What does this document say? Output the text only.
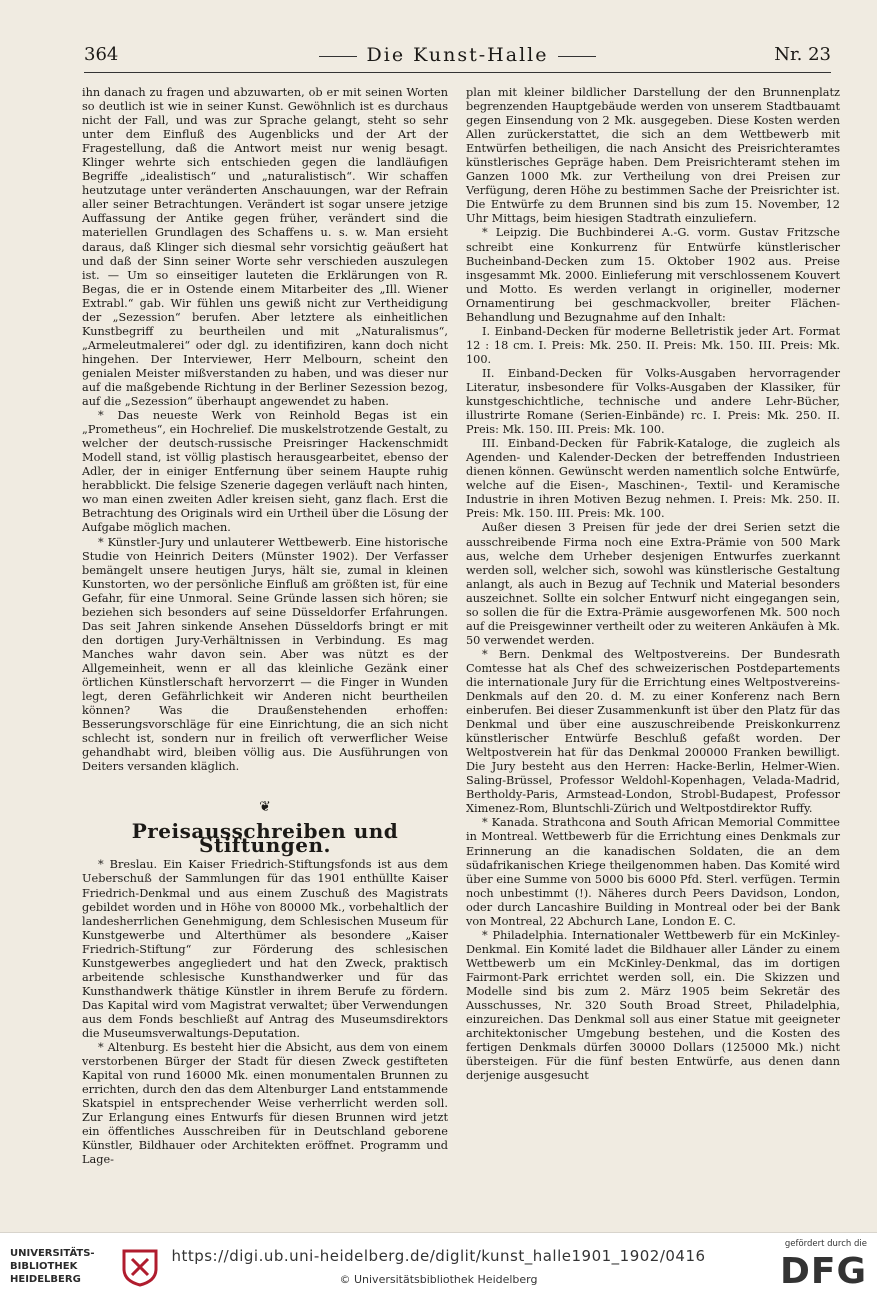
364	Die Kunst-Halle	Nr. 23

ihn danach zu fragen und abzuwarten, ob er mit seinen Worten so deutlich ist wie in seiner Kunst. Gewöhnlich ist es durchaus nicht der Fall, und was zur Sprache gelangt, steht so sehr unter dem Einfluß des Augenblicks und der Art der Fragestellung, daß die Antwort meist nur wenig besagt. Klinger wehrte sich entschieden gegen die landläufigen Begriffe „idealistisch“ und „naturalistisch“. Wir schaffen heutzutage unter veränderten Anschauungen, war der Refrain aller seiner Betrachtungen. Verändert ist sogar unsere jetzige Auffassung der Antike gegen früher, verändert sind die materiellen Grundlagen des Schaffens u. s. w. Man ersieht daraus, daß Klinger sich diesmal sehr vorsichtig geäußert hat und daß der Sinn seiner Worte sehr verschieden auszulegen ist. — Um so einseitiger lauteten die Erklärungen von R. Begas, die er in Ostende einem Mitarbeiter des „Ill. Wiener Extrabl.“ gab. Wir fühlen uns gewiß nicht zur Vertheidigung der „Sezession“ berufen. Aber letztere als einheitlichen Kunstbegriff zu beurtheilen und mit „Naturalismus“, „Armeleutmalerei“ oder dgl. zu identifiziren, kann doch nicht hingehen. Der Interviewer, Herr Melbourn, scheint den genialen Meister mißverstanden zu haben, und was dieser nur auf die maßgebende Richtung in der Berliner Sezession bezog, auf die „Sezession“ überhaupt angewendet zu haben.

* Das neueste Werk von Reinhold Begas ist ein „Prometheus“, ein Hochrelief. Die muskelstrotzende Gestalt, zu welcher der deutsch-russische Preisringer Hackenschmidt Modell stand, ist völlig plastisch herausgearbeitet, ebenso der Adler, der in einiger Entfernung über seinem Haupte ruhig herabblickt. Die felsige Szenerie dagegen verläuft nach hinten, wo man einen zweiten Adler kreisen sieht, ganz flach. Erst die Betrachtung des Originals wird ein Urtheil über die Lösung der Aufgabe möglich machen.

* Künstler-Jury und unlauterer Wettbewerb. Eine historische Studie von Heinrich Deiters (Münster 1902). Der Verfasser bemängelt unsere heutigen Jurys, hält sie, zumal in kleinen Kunstorten, wo der persönliche Einfluß am größten ist, für eine Gefahr, für eine Unmoral. Seine Gründe lassen sich hören; sie beziehen sich besonders auf seine Düsseldorfer Erfahrungen. Das seit Jahren sinkende Ansehen Düsseldorfs bringt er mit den dortigen Jury-Verhältnissen in Verbindung. Es mag Manches wahr davon sein. Aber was nützt es der Allgemeinheit, wenn er all das kleinliche Gezänk einer örtlichen Künstlerschaft hervorzerrt — die Finger in Wunden legt, deren Gefährlichkeit wir Anderen nicht beurtheilen können? Was die Draußenstehenden erhoffen: Besserungsvorschläge für eine Einrichtung, die an sich nicht schlecht ist, sondern nur in freilich oft verwerflicher Weise gehandhabt wird, bleiben völlig aus. Die Ausführungen von Deiters versanden kläglich.

❦
Preisausschreiben und Stiftungen.

* Breslau. Ein Kaiser Friedrich-Stiftungsfonds ist aus dem Ueberschuß der Sammlungen für das 1901 enthüllte Kaiser Friedrich-Denkmal und aus einem Zuschuß des Magistrats gebildet worden und in Höhe von 80000 Mk., vorbehaltlich der landesherrlichen Genehmigung, dem Schlesischen Museum für Kunstgewerbe und Alterthümer als besondere „Kaiser Friedrich-Stiftung“ zur Förderung des schlesischen Kunstgewerbes angegliedert und hat den Zweck, praktisch arbeitende schlesische Kunsthandwerker und für das Kunsthandwerk thätige Künstler in ihrem Berufe zu fördern. Das Kapital wird vom Magistrat verwaltet; über Verwendungen aus dem Fonds beschließt auf Antrag des Museumsdirektors die Museumsverwaltungs-Deputation.

* Altenburg. Es besteht hier die Absicht, aus dem von einem verstorbenen Bürger der Stadt für diesen Zweck gestifteten Kapital von rund 16000 Mk. einen monumentalen Brunnen zu errichten, durch den das dem Altenburger Land entstammende Skatspiel in entsprechender Weise verherrlicht werden soll. Zur Erlangung eines Entwurfs für diesen Brunnen wird jetzt ein öffentliches Ausschreiben für in Deutschland geborene Künstler, Bildhauer oder Architekten eröffnet. Programm und Lage-

plan mit kleiner bildlicher Darstellung der den Brunnenplatz begrenzenden Hauptgebäude werden von unserem Stadtbauamt gegen Einsendung von 2 Mk. ausgegeben. Diese Kosten werden Allen zurückerstattet, die sich an dem Wettbewerb mit Entwürfen betheiligen, die nach Ansicht des Preisrichteramtes künstlerisches Gepräge haben. Dem Preisrichteramt stehen im Ganzen 1000 Mk. zur Vertheilung von drei Preisen zur Verfügung, deren Höhe zu bestimmen Sache der Preisrichter ist. Die Entwürfe zu dem Brunnen sind bis zum 15. November, 12 Uhr Mittags, beim hiesigen Stadtrath einzuliefern.

* Leipzig. Die Buchbinderei A.-G. vorm. Gustav Fritzsche schreibt eine Konkurrenz für Entwürfe künstlerischer Bucheinband-Decken zum 15. Oktober 1902 aus. Preise insgesammt Mk. 2000. Einlieferung mit verschlossenem Kouvert und Motto. Es werden verlangt in origineller, moderner Ornamentirung bei geschmackvoller, breiter Flächen-Behandlung und Bezugnahme auf den Inhalt:

I. Einband-Decken für moderne Belletristik jeder Art. Format 12 : 18 cm. I. Preis: Mk. 250. II. Preis: Mk. 150. III. Preis: Mk. 100.

II. Einband-Decken für Volks-Ausgaben hervorragender Literatur, insbesondere für Volks-Ausgaben der Klassiker, für kunstgeschichtliche, technische und andere Lehr-Bücher, illustrirte Romane (Serien-Einbände) rc. I. Preis: Mk. 250. II. Preis: Mk. 150. III. Preis: Mk. 100.

III. Einband-Decken für Fabrik-Kataloge, die zugleich als Agenden- und Kalender-Decken der betreffenden Industrieen dienen können. Gewünscht werden namentlich solche Entwürfe, welche auf die Eisen-, Maschinen-, Textil- und Keramische Industrie in ihren Motiven Bezug nehmen. I. Preis: Mk. 250. II. Preis: Mk. 150. III. Preis: Mk. 100.

Außer diesen 3 Preisen für jede der drei Serien setzt die ausschreibende Firma noch eine Extra-Prämie von 500 Mark aus, welche dem Urheber desjenigen Entwurfes zuerkannt werden soll, welcher sich, sowohl was künstlerische Gestaltung anlangt, als auch in Bezug auf Technik und Material besonders auszeichnet. Sollte ein solcher Entwurf nicht eingegangen sein, so sollen die für die Extra-Prämie ausgeworfenen Mk. 500 noch auf die Preisgewinner vertheilt oder zu weiteren Ankäufen à Mk. 50 verwendet werden.

* Bern. Denkmal des Weltpostvereins. Der Bundesrath Comtesse hat als Chef des schweizerischen Postdepartements die internationale Jury für die Errichtung eines Weltpostvereins-Denkmals auf den 20. d. M. zu einer Konferenz nach Bern einberufen. Bei dieser Zusammenkunft ist über den Platz für das Denkmal und über eine auszuschreibende Preiskonkurrenz künstlerischer Entwürfe Beschluß gefaßt worden. Der Weltpostverein hat für das Denkmal 200000 Franken bewilligt. Die Jury besteht aus den Herren: Hacke-Berlin, Helmer-Wien. Saling-Brüssel, Professor Weldohl-Kopenhagen, Velada-Madrid, Bertholdy-Paris, Armstead-London, Strobl-Budapest, Professor Ximenez-Rom, Bluntschli-Zürich und Weltpostdirektor Ruffy.

* Kanada. Strathcona and South African Memorial Committee in Montreal. Wettbewerb für die Errichtung eines Denkmals zur Erinnerung an die kanadischen Soldaten, die an dem südafrikanischen Kriege theilgenommen haben. Das Komité wird über eine Summe von 5000 bis 6000 Pfd. Sterl. verfügen. Termin noch unbestimmt (!). Näheres durch Peers Davidson, London, oder durch Lancashire Building in Montreal oder bei der Bank von Montreal, 22 Abchurch Lane, London E. C.

* Philadelphia. Internationaler Wettbewerb für ein McKinley-Denkmal. Ein Komité ladet die Bildhauer aller Länder zu einem Wettbewerb um ein McKinley-Denkmal, das im dortigen Fairmont-Park errichtet werden soll, ein. Die Skizzen und Modelle sind bis zum 2. März 1905 beim Sekretär des Ausschusses, Nr. 320 South Broad Street, Philadelphia, einzureichen. Das Denkmal soll aus einer Statue mit geeigneter architektonischer Umgebung bestehen, und die Kosten des fertigen Denkmals dürfen 30000 Dollars (125000 Mk.) nicht übersteigen. Für die fünf besten Entwürfe, aus denen dann derjenige ausgesucht

UNIVERSITÄTS-
BIBLIOTHEK
HEIDELBERG
https://digi.ub.uni-heidelberg.de/diglit/kunst_halle1901_1902/0416
© Universitätsbibliothek Heidelberg
gefördert durch die
DFG
